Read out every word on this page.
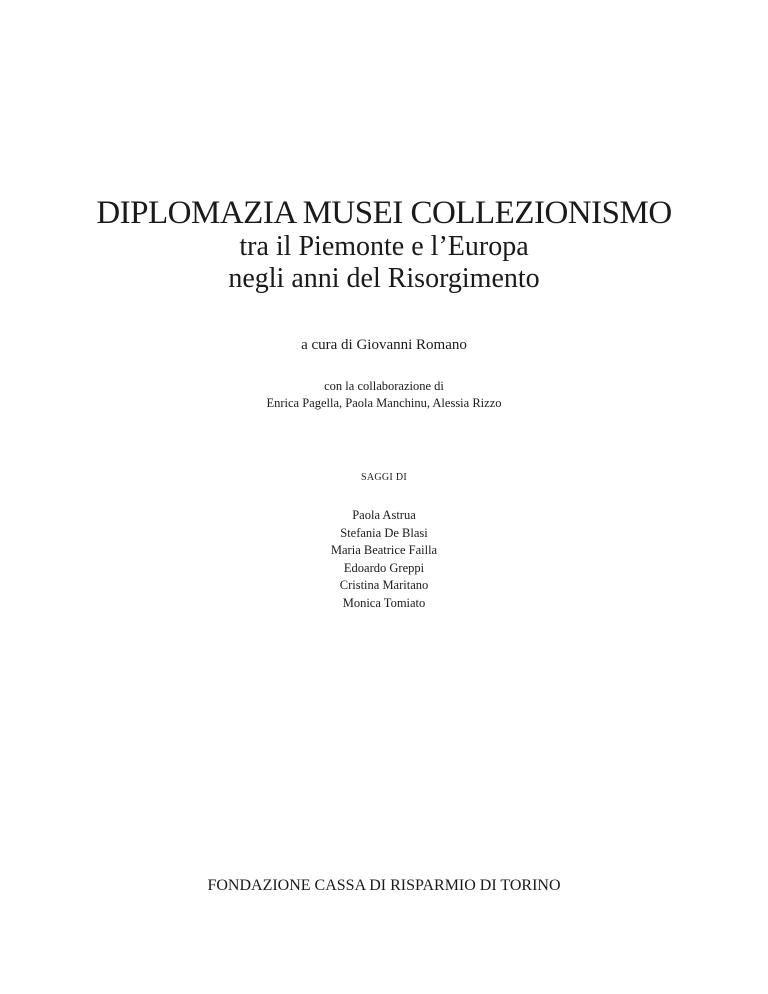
DIPLOMAZIA MUSEI COLLEZIONISMO
tra il Piemonte e l’Europa
negli anni del Risorgimento
a cura di Giovanni Romano
con la collaborazione di
Enrica Pagella, Paola Manchinu, Alessia Rizzo
SAGGI DI
Paola Astrua
Stefania De Blasi
Maria Beatrice Failla
Edoardo Greppi
Cristina Maritano
Monica Tomiato
FONDAZIONE CASSA DI RISPARMIO DI TORINO
